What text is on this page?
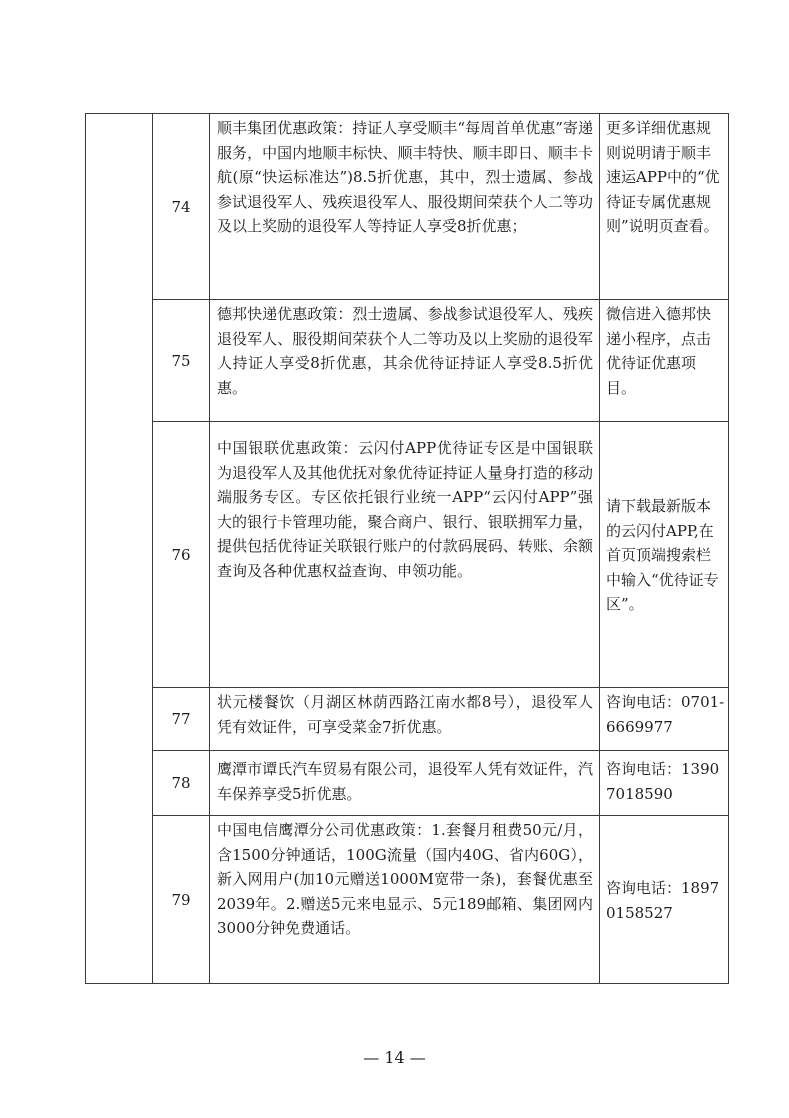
	74	顺丰集团优惠政策：持证人享受顺丰“每周首单优惠”寄递服务，中国内地顺丰标快、顺丰特快、顺丰即日、顺丰卡航(原“快运标准达”)8.5折优惠，其中，烈士遗属、参战参试退役军人、残疾退役军人、服役期间荣获个人二等功及以上奖励的退役军人等持证人享受8折优惠；	更多详细优惠规则说明请于顺丰速运APP中的“优待证专属优惠规则”说明页查看。
	75	德邦快递优惠政策：烈士遗属、参战参试退役军人、残疾退役军人、服役期间荣获个人二等功及以上奖励的退役军人持证人享受8折优惠，其余优待证持证人享受8.5折优惠。	微信进入德邦快递小程序，点击优待证优惠项目。
	76	中国银联优惠政策：云闪付APP优待证专区是中国银联为退役军人及其他优抚对象优待证持证人量身打造的移动端服务专区。专区依托银行业统一APP“云闪付APP”强大的银行卡管理功能，聚合商户、银行、银联拥军力量，提供包括优待证关联银行账户的付款码展码、转账、余额查询及各种优惠权益查询、申领功能。	请下载最新版本的云闪付APP,在首页顶端搜索栏中输入“优待证专区”。
	77	状元楼餐饮（月湖区林荫西路江南水都8号），退役军人凭有效证件，可享受菜金7折优惠。	咨询电话：0701-6669977
	78	鹰潭市谭氏汽车贸易有限公司，退役军人凭有效证件，汽车保养享受5折优惠。	咨询电话：13907018590
	79	中国电信鹰潭分公司优惠政策：1.套餐月租费50元/月，含1500分钟通话，100G流量（国内40G、省内60G），新入网用户(加10元赠送1000M宽带一条)，套餐优惠至2039年。2.赠送5元来电显示、5元189邮箱、集团网内3000分钟免费通话。	咨询电话：18970158527
— 14 —
